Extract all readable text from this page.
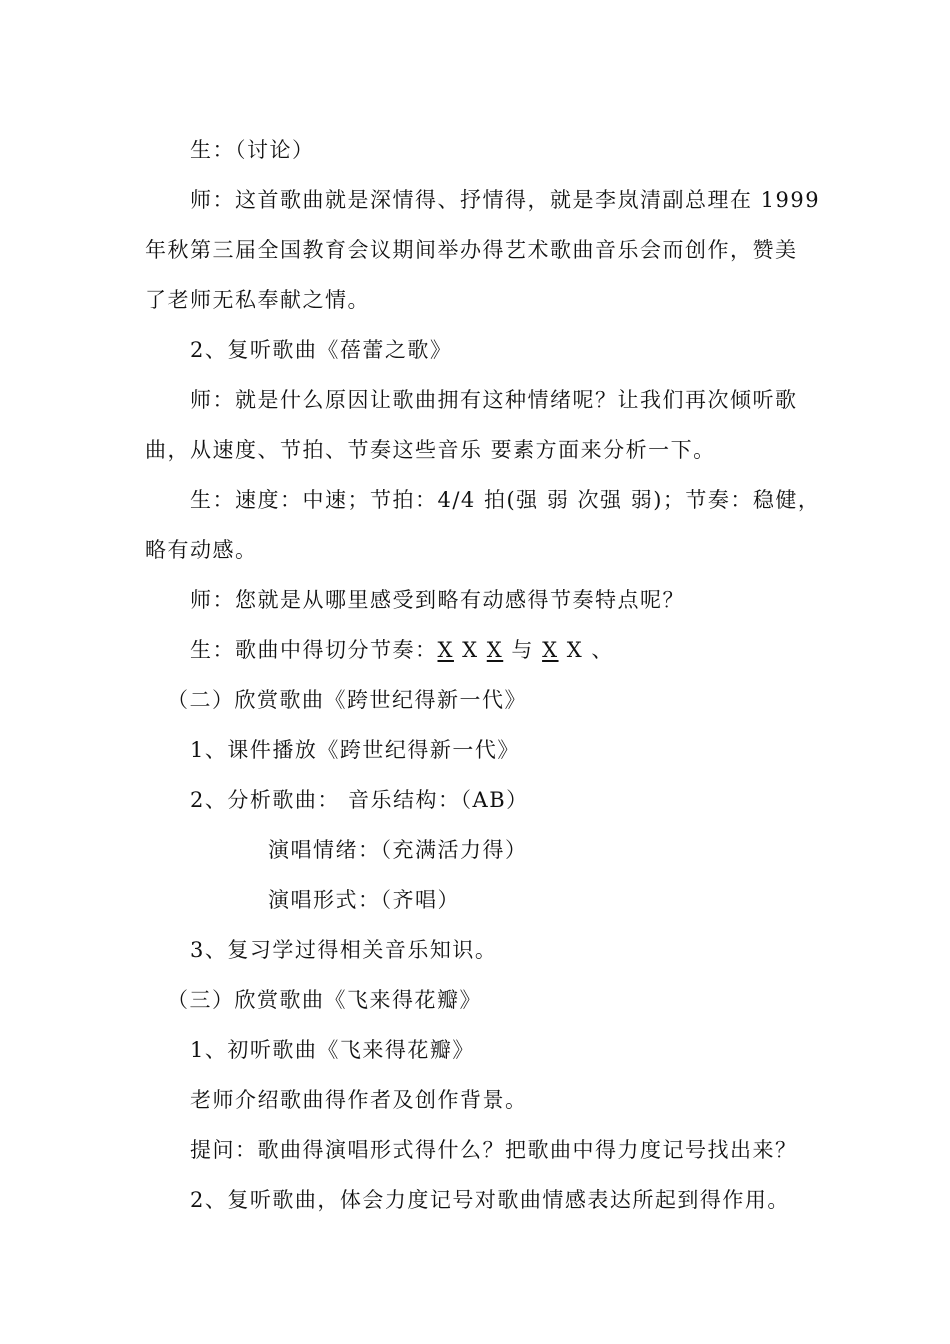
生：（讨论）
师：这首歌曲就是深情得、抒情得，就是李岚清副总理在 1999
年秋第三届全国教育会议期间举办得艺术歌曲音乐会而创作，赞美
了老师无私奉献之情。
2、复听歌曲《蓓蕾之歌》
师：就是什么原因让歌曲拥有这种情绪呢？让我们再次倾听歌
曲，从速度、节拍、节奏这些音乐 要素方面来分析一下。
生：速度：中速；节拍：4/4 拍(强 弱 次强 弱)；节奏：稳健，
略有动感。
师：您就是从哪里感受到略有动感得节奏特点呢？
生：歌曲中得切分节奏：X X X 与 X X 、
（二）欣赏歌曲《跨世纪得新一代》
1、课件播放《跨世纪得新一代》
2、分析歌曲： 音乐结构：（AB）
演唱情绪：（充满活力得）
演唱形式：（齐唱）
3、复习学过得相关音乐知识。
（三）欣赏歌曲《飞来得花瓣》
1、初听歌曲《飞来得花瓣》
老师介绍歌曲得作者及创作背景。
提问：歌曲得演唱形式得什么？把歌曲中得力度记号找出来？
2、复听歌曲，体会力度记号对歌曲情感表达所起到得作用。
